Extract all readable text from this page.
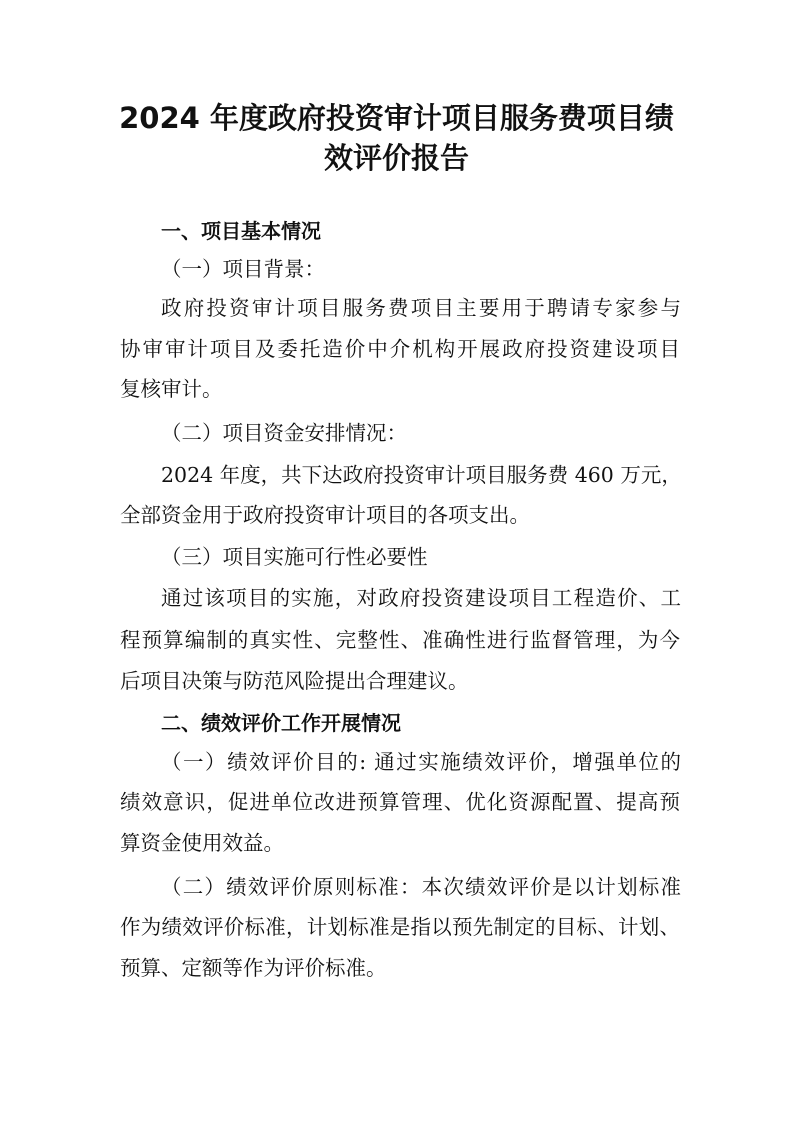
2024 年度政府投资审计项目服务费项目绩
效评价报告

一、项目基本情况

（一）项目背景：

政府投资审计项目服务费项目主要用于聘请专家参与

协审审计项目及委托造价中介机构开展政府投资建设项目

复核审计。

（二）项目资金安排情况：

2024 年度，共下达政府投资审计项目服务费 460 万元，

全部资金用于政府投资审计项目的各项支出。

（三）项目实施可行性必要性

通过该项目的实施，对政府投资建设项目工程造价、工

程预算编制的真实性、完整性、准确性进行监督管理，为今

后项目决策与防范风险提出合理建议。

二、绩效评价工作开展情况

（一）绩效评价目的: 通过实施绩效评价，增强单位的

绩效意识，促进单位改进预算管理、优化资源配置、提高预

算资金使用效益。

（二）绩效评价原则标准：本次绩效评价是以计划标准

作为绩效评价标准，计划标准是指以预先制定的目标、计划、

预算、定额等作为评价标准。
